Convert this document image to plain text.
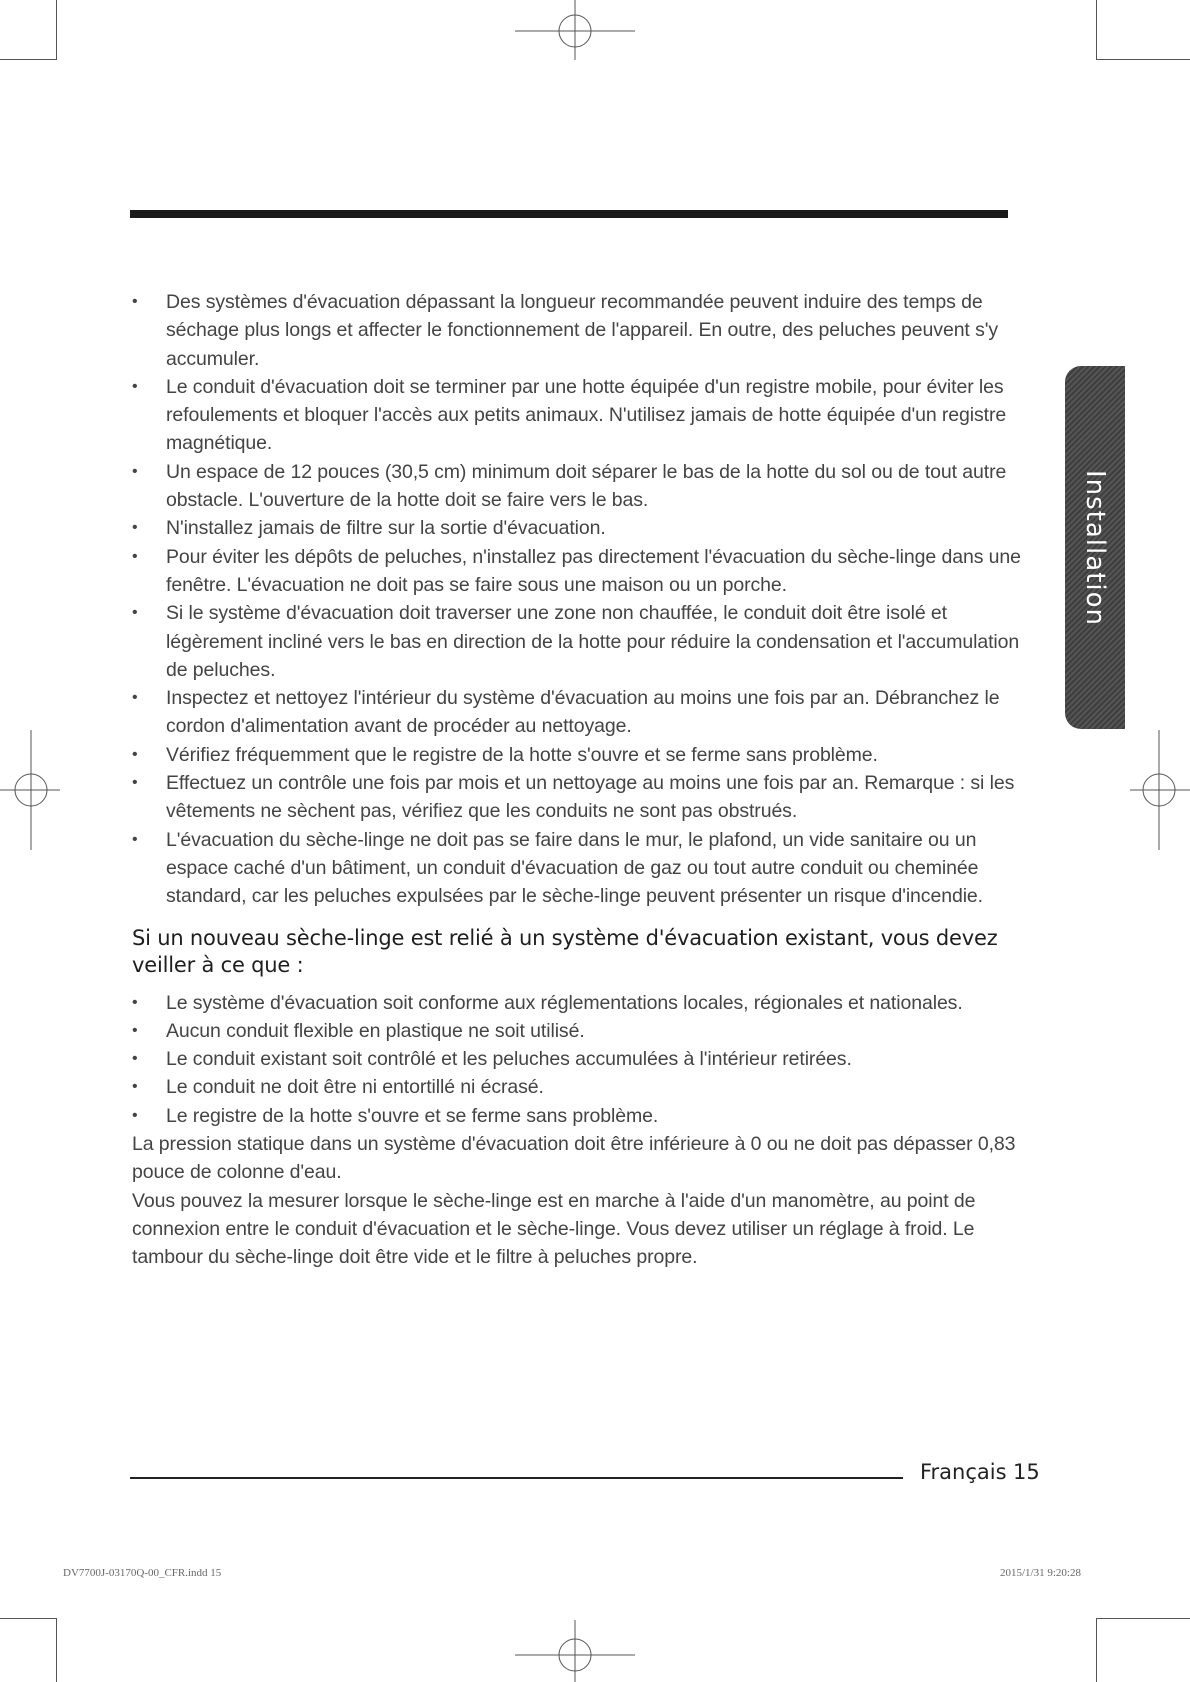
Installation
• Des systèmes d'évacuation dépassant la longueur recommandée peuvent induire des temps de séchage plus longs et affecter le fonctionnement de l'appareil. En outre, des peluches peuvent s'y accumuler.
• Le conduit d'évacuation doit se terminer par une hotte équipée d'un registre mobile, pour éviter les refoulements et bloquer l'accès aux petits animaux. N'utilisez jamais de hotte équipée d'un registre magnétique.
• Un espace de 12 pouces (30,5 cm) minimum doit séparer le bas de la hotte du sol ou de tout autre obstacle. L'ouverture de la hotte doit se faire vers le bas.
• N'installez jamais de filtre sur la sortie d'évacuation.
• Pour éviter les dépôts de peluches, n'installez pas directement l'évacuation du sèche-linge dans une fenêtre. L'évacuation ne doit pas se faire sous une maison ou un porche.
• Si le système d'évacuation doit traverser une zone non chauffée, le conduit doit être isolé et légèrement incliné vers le bas en direction de la hotte pour réduire la condensation et l'accumulation de peluches.
• Inspectez et nettoyez l'intérieur du système d'évacuation au moins une fois par an. Débranchez le cordon d'alimentation avant de procéder au nettoyage.
• Vérifiez fréquemment que le registre de la hotte s'ouvre et se ferme sans problème.
• Effectuez un contrôle une fois par mois et un nettoyage au moins une fois par an. Remarque : si les vêtements ne sèchent pas, vérifiez que les conduits ne sont pas obstrués.
• L'évacuation du sèche-linge ne doit pas se faire dans le mur, le plafond, un vide sanitaire ou un espace caché d'un bâtiment, un conduit d'évacuation de gaz ou tout autre conduit ou cheminée standard, car les peluches expulsées par le sèche-linge peuvent présenter un risque d'incendie.
Si un nouveau sèche-linge est relié à un système d'évacuation existant, vous devez veiller à ce que :
• Le système d'évacuation soit conforme aux réglementations locales, régionales et nationales.
• Aucun conduit flexible en plastique ne soit utilisé.
• Le conduit existant soit contrôlé et les peluches accumulées à l'intérieur retirées.
• Le conduit ne doit être ni entortillé ni écrasé.
• Le registre de la hotte s'ouvre et se ferme sans problème.

La pression statique dans un système d'évacuation doit être inférieure à 0 ou ne doit pas dépasser 0,83 pouce de colonne d'eau.

Vous pouvez la mesurer lorsque le sèche-linge est en marche à l'aide d'un manomètre, au point de connexion entre le conduit d'évacuation et le sèche-linge. Vous devez utiliser un réglage à froid. Le tambour du sèche-linge doit être vide et le filtre à peluches propre.

Français 15
DV7700J-03170Q-00_CFR.indd 15	2015/1/31 9:20:28
